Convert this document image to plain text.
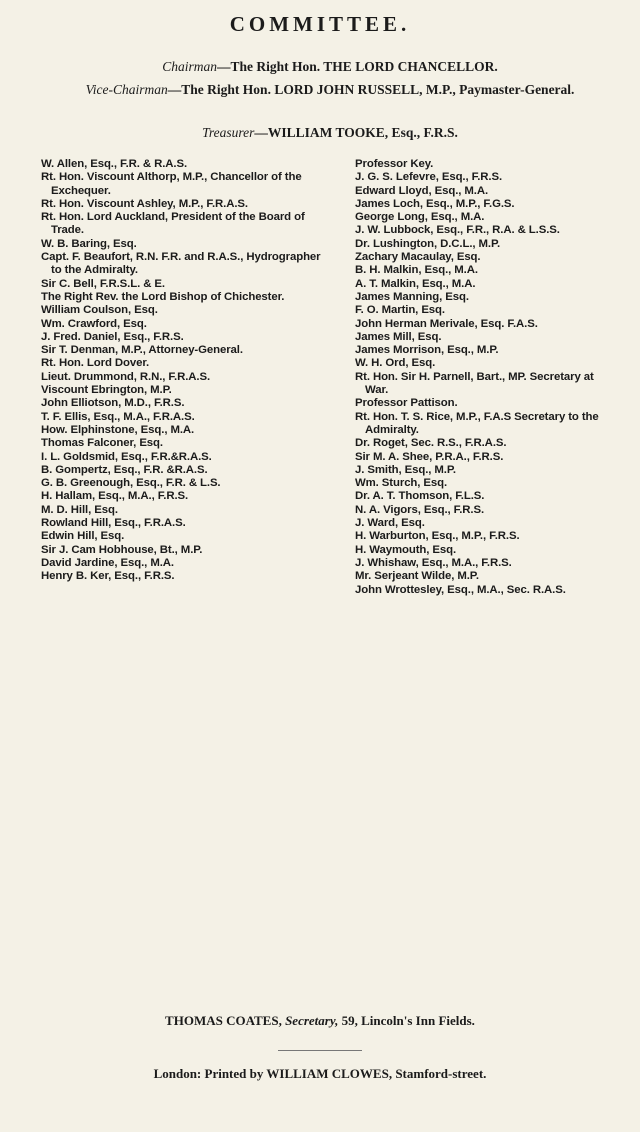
COMMITTEE.
Chairman—The Right Hon. THE LORD CHANCELLOR.
Vice-Chairman—The Right Hon. LORD JOHN RUSSELL, M.P., Paymaster-General.
Treasurer—WILLIAM TOOKE, Esq., F.R.S.

W. Allen, Esq., F.R. & R.A.S.

Rt. Hon. Viscount Althorp, M.P., Chancellor of the Exchequer.

Rt. Hon. Viscount Ashley, M.P., F.R.A.S.

Rt. Hon. Lord Auckland, President of the Board of Trade.

W. B. Baring, Esq.

Capt. F. Beaufort, R.N. F.R. and R.A.S., Hydrographer to the Admiralty.

Sir C. Bell, F.R.S.L. & E.

The Right Rev. the Lord Bishop of Chichester.

William Coulson, Esq.

Wm. Crawford, Esq.

J. Fred. Daniel, Esq., F.R.S.

Sir T. Denman, M.P., Attorney-General.

Rt. Hon. Lord Dover.

Lieut. Drummond, R.N., F.R.A.S.

Viscount Ebrington, M.P.

John Elliotson, M.D., F.R.S.

T. F. Ellis, Esq., M.A., F.R.A.S.

How. Elphinstone, Esq., M.A.

Thomas Falconer, Esq.

I. L. Goldsmid, Esq., F.R.&R.A.S.

B. Gompertz, Esq., F.R. &R.A.S.

G. B. Greenough, Esq., F.R. & L.S.

H. Hallam, Esq., M.A., F.R.S.

M. D. Hill, Esq.

Rowland Hill, Esq., F.R.A.S.

Edwin Hill, Esq.

Sir J. Cam Hobhouse, Bt., M.P.

David Jardine, Esq., M.A.

Henry B. Ker, Esq., F.R.S.

Professor Key.

J. G. S. Lefevre, Esq., F.R.S.

Edward Lloyd, Esq., M.A.

James Loch, Esq., M.P., F.G.S.

George Long, Esq., M.A.

J. W. Lubbock, Esq., F.R., R.A. & L.S.S.

Dr. Lushington, D.C.L., M.P.

Zachary Macaulay, Esq.

B. H. Malkin, Esq., M.A.

A. T. Malkin, Esq., M.A.

James Manning, Esq.

F. O. Martin, Esq.

John Herman Merivale, Esq. F.A.S.

James Mill, Esq.

James Morrison, Esq., M.P.

W. H. Ord, Esq.

Rt. Hon. Sir H. Parnell, Bart., MP. Secretary at War.

Professor Pattison.

Rt. Hon. T. S. Rice, M.P., F.A.S Secretary to the Admiralty.

Dr. Roget, Sec. R.S., F.R.A.S.

Sir M. A. Shee, P.R.A., F.R.S.

J. Smith, Esq., M.P.

Wm. Sturch, Esq.

Dr. A. T. Thomson, F.L.S.

N. A. Vigors, Esq., F.R.S.

J. Ward, Esq.

H. Warburton, Esq., M.P., F.R.S.

H. Waymouth, Esq.

J. Whishaw, Esq., M.A., F.R.S.

Mr. Serjeant Wilde, M.P.

John Wrottesley, Esq., M.A., Sec. R.A.S.

THOMAS COATES, Secretary, 59, Lincoln's Inn Fields.
London: Printed by WILLIAM CLOWES, Stamford-street.
